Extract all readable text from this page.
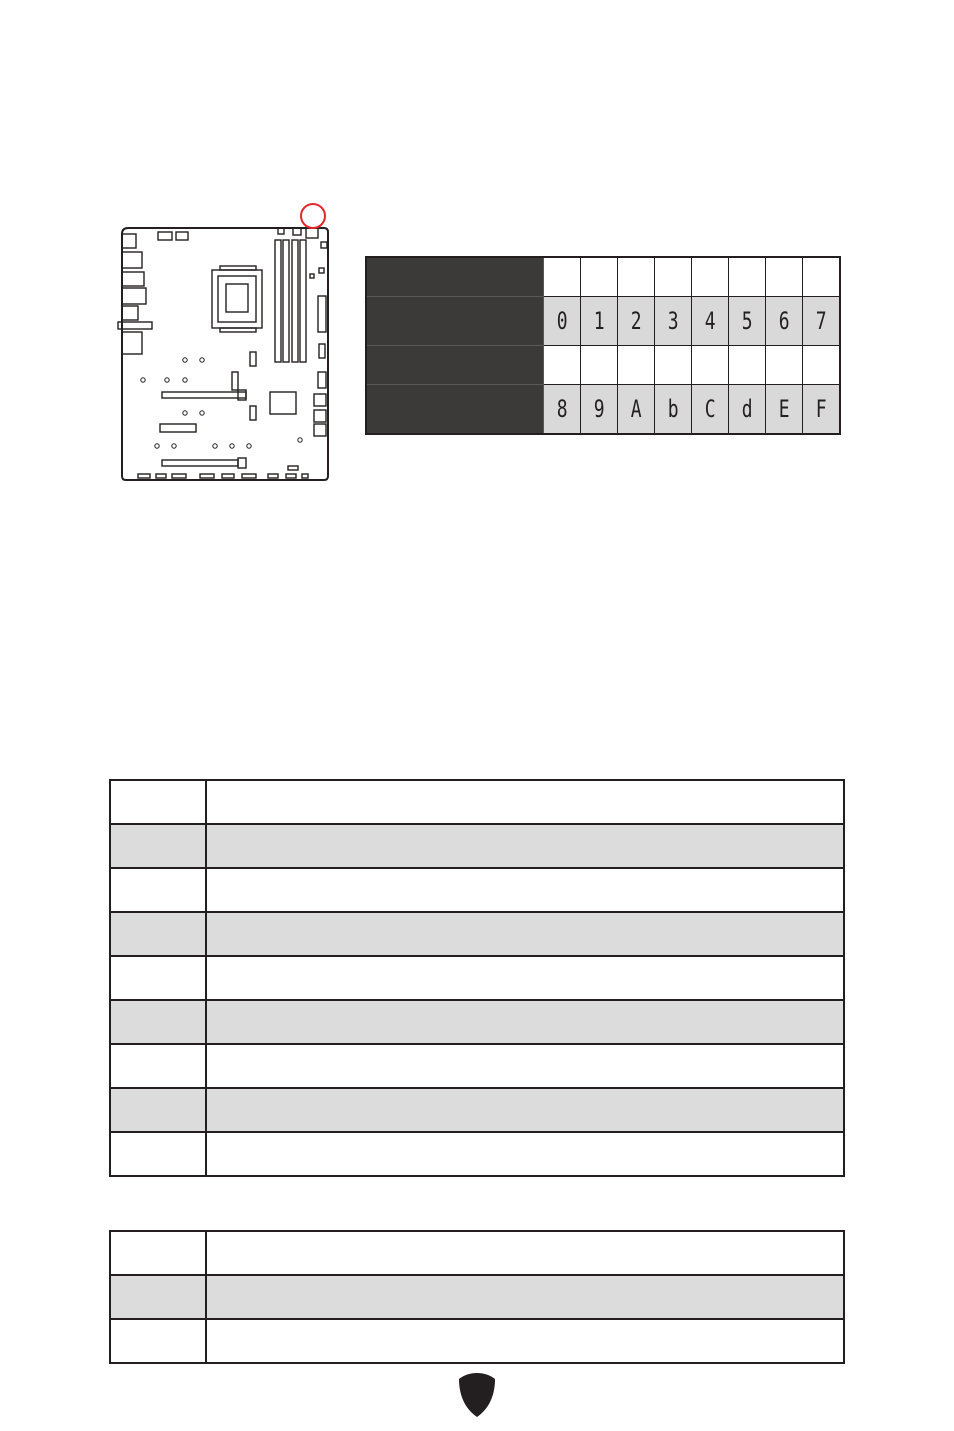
	0	1	2	3	4	5	6	7

	8	9	A	b	C	d	E	F
